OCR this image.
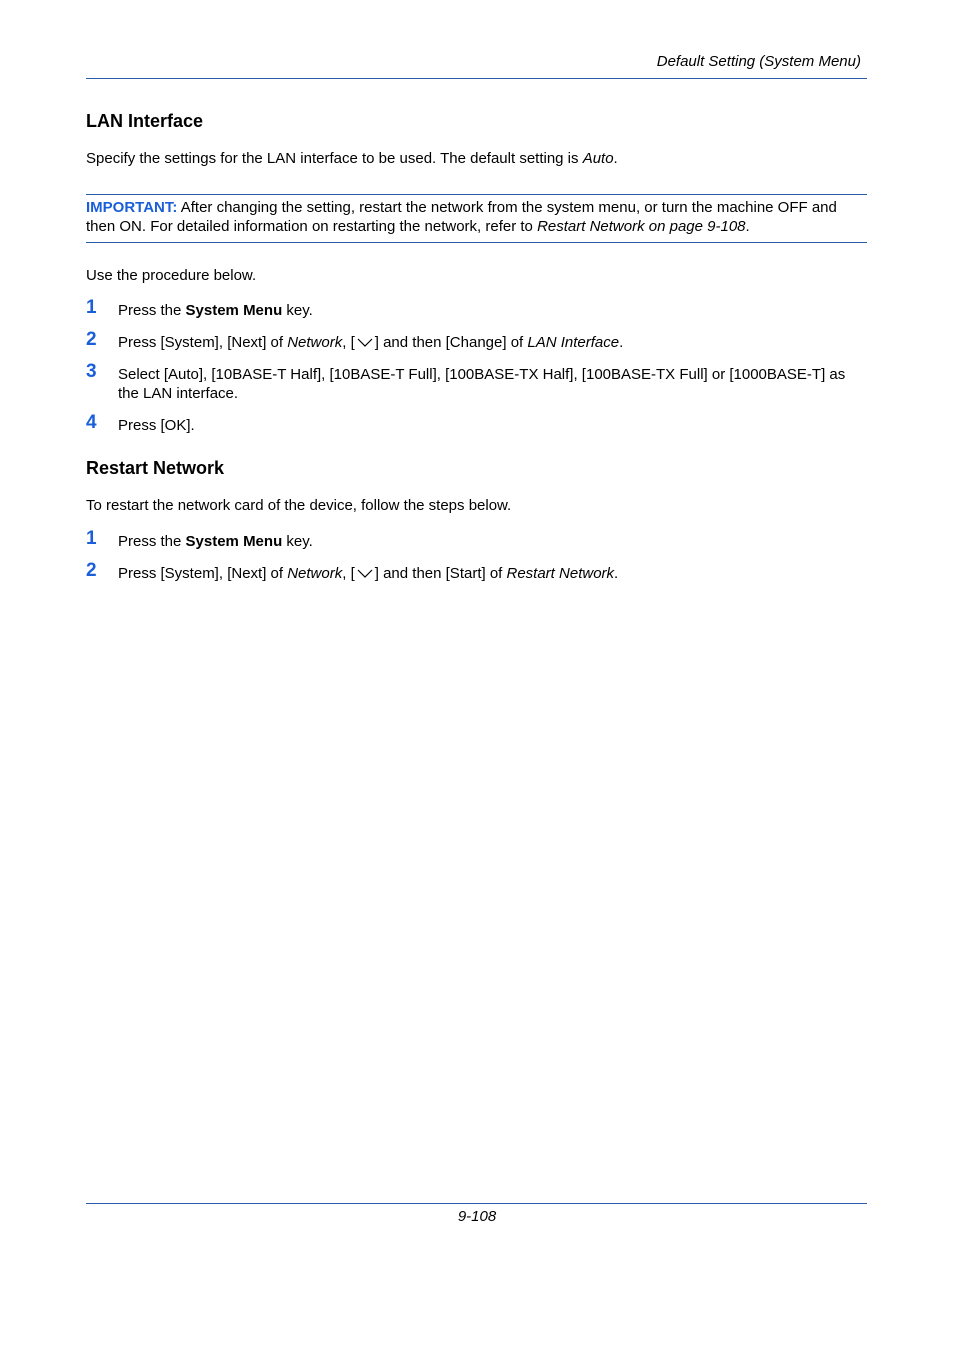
Default Setting (System Menu)
LAN Interface
Specify the settings for the LAN interface to be used. The default setting is Auto.
IMPORTANT: After changing the setting, restart the network from the system menu, or turn the machine OFF and then ON. For detailed information on restarting the network, refer to Restart Network on page 9-108.
Use the procedure below.
1 Press the System Menu key.
2 Press [System], [Next] of Network, [ ] and then [Change] of LAN Interface.
3 Select [Auto], [10BASE-T Half], [10BASE-T Full], [100BASE-TX Half], [100BASE-TX Full] or [1000BASE-T] as the LAN interface.
4 Press [OK].
Restart Network
To restart the network card of the device, follow the steps below.
1 Press the System Menu key.
2 Press [System], [Next] of Network, [ ] and then [Start] of Restart Network.
9-108
